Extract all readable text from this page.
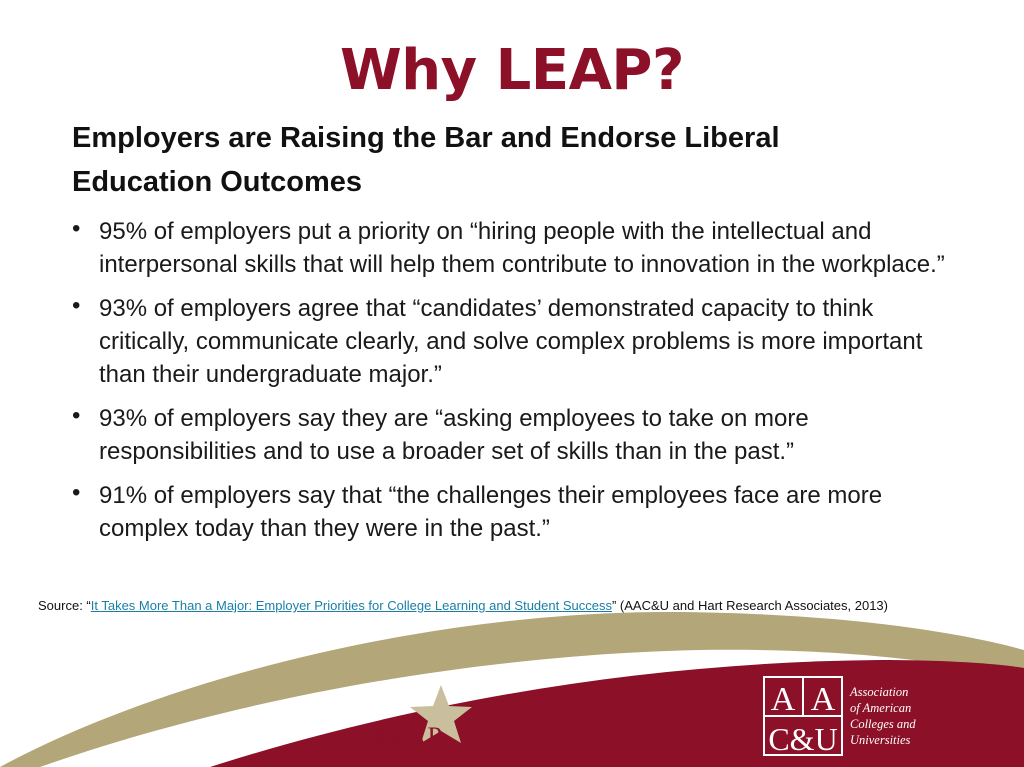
Why LEAP?
Employers are Raising the Bar and Endorse Liberal
Education Outcomes
• 95% of employers put a priority on “hiring people with the intellectual and interpersonal skills that will help them contribute to innovation in the workplace.”
• 93% of employers agree that “candidates’ demonstrated capacity to think critically, communicate clearly, and solve complex problems is more important than their undergraduate major.”
• 93% of employers say they are “asking employees to take on more responsibilities and to use a broader set of skills than in the past.”
• 91% of employers say that “the challenges their employees face are more complex today than they were in the past.”
Source: “It Takes More Than a Major: Employer Priorities for College Learning and Student Success” (AAC&U and Hart Research Associates, 2013)
LEAP
A A
C&U
Association
of American
Colleges and
Universities
